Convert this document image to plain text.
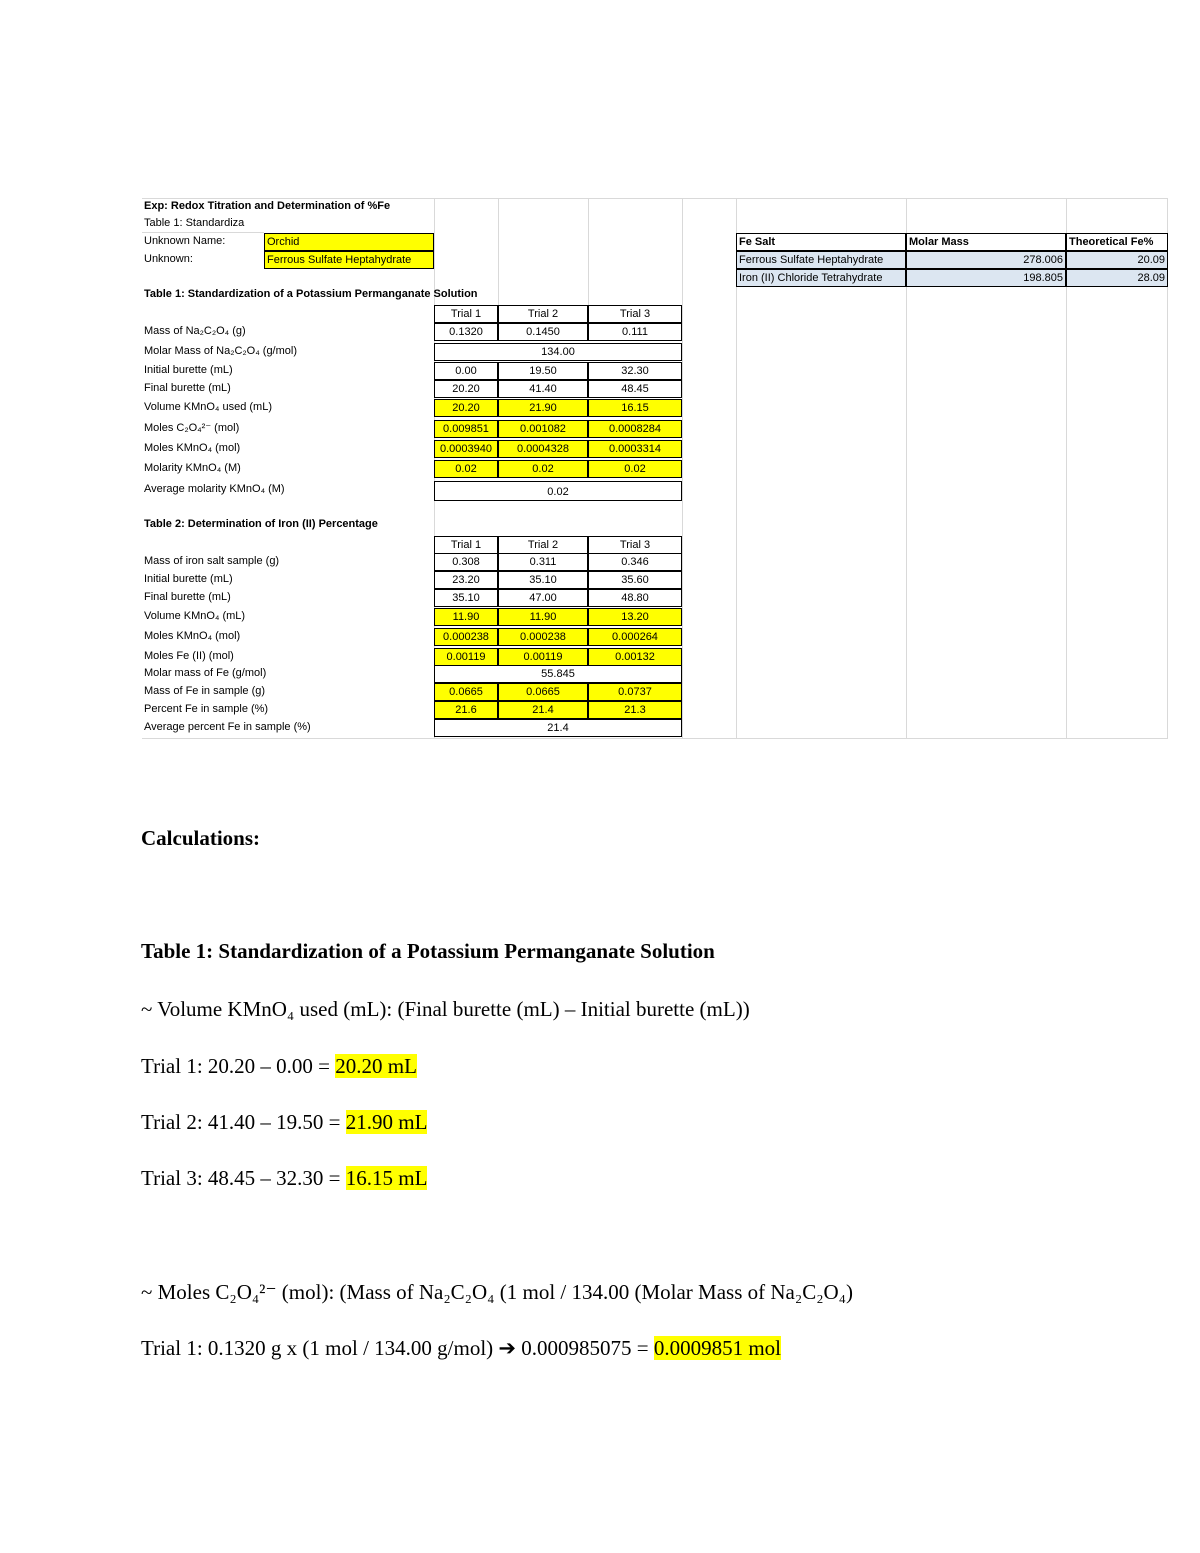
Exp: Redox Titration and Determination of %Fe
Table 1: Standardiza
Unknown Name:	Orchid
Unknown:	Ferrous Sulfate Heptahydrate
Fe Salt	Molar Mass	Theoretical Fe%
Ferrous Sulfate Heptahydrate	278.006	20.09
Iron (II) Chloride Tetrahydrate	198.805	28.09
Table 1: Standardization of a Potassium Permanganate Solution
Trial 1	Trial 2	Trial 3
Mass of Na₂C₂O₄ (g)	0.1320	0.1450	0.111
Molar Mass of Na₂C₂O₄ (g/mol)	134.00
Initial burette (mL)	0.00	19.50	32.30
Final burette (mL)	20.20	41.40	48.45
Volume KMnO₄ used (mL)	20.20	21.90	16.15
Moles C₂O₄²⁻ (mol)	0.009851	0.001082	0.0008284
Moles KMnO₄ (mol)	0.0003940	0.0004328	0.0003314
Molarity KMnO₄ (M)	0.02	0.02	0.02
Average molarity KMnO₄ (M)	0.02
Table 2: Determination of Iron (II) Percentage
Trial 1	Trial 2	Trial 3
Mass of iron salt sample (g)	0.308	0.311	0.346
Initial burette (mL)	23.20	35.10	35.60
Final burette (mL)	35.10	47.00	48.80
Volume KMnO₄ (mL)	11.90	11.90	13.20
Moles KMnO₄ (mol)	0.000238	0.000238	0.000264
Moles Fe (II) (mol)	0.00119	0.00119	0.00132
Molar mass of Fe (g/mol)	55.845
Mass of Fe in sample (g)	0.0665	0.0665	0.0737
Percent Fe in sample (%)	21.6	21.4	21.3
Average percent Fe in sample (%)	21.4
Calculations:
Table 1: Standardization of a Potassium Permanganate Solution
~ Volume KMnO₄ used (mL): (Final burette (mL) – Initial burette (mL))
Trial 1: 20.20 – 0.00 = 20.20 mL
Trial 2: 41.40 – 19.50 = 21.90 mL
Trial 3: 48.45 – 32.30 = 16.15 mL
~ Moles C₂O₄²⁻ (mol): (Mass of Na₂C₂O₄ (1 mol / 134.00 (Molar Mass of Na₂C₂O₄)
Trial 1: 0.1320 g x (1 mol / 134.00 g/mol) ➔ 0.000985075 = 0.0009851 mol
